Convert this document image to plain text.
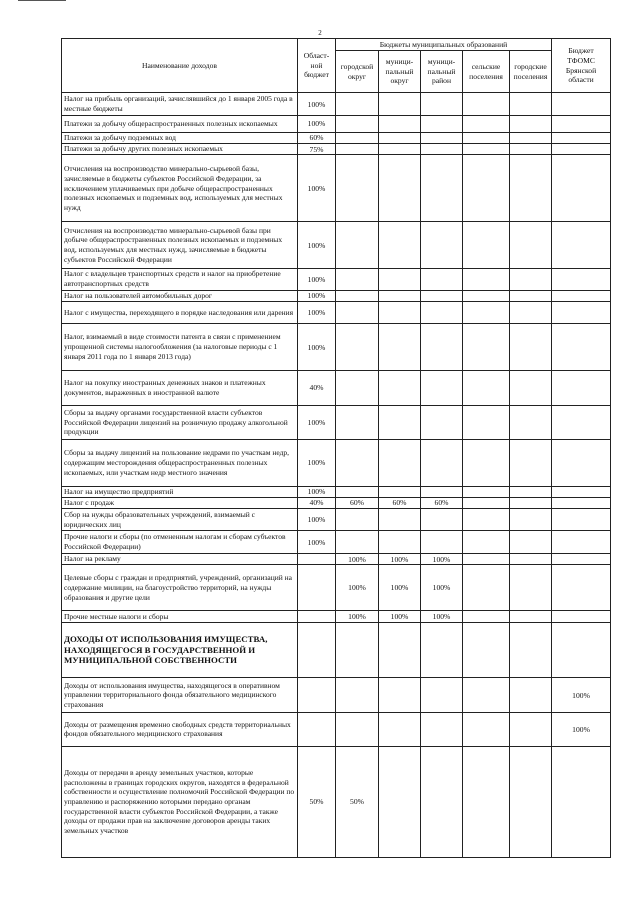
2
Наименование доходов	Област-ной бюджет	Бюджеты муниципальных образований					Бюджет ТФОМС Брянской области
		городской округ	муници-пальный округ	муници-пальный район	сельские поселения	городские поселения	
Налог на прибыль организаций, зачислявшийся до 1 января 2005 года в местные бюджеты	100%						
Платежи за добычу общераспространенных полезных ископаемых	100%						
Платежи за добычу подземных вод	60%						
Платежи за добычу других полезных ископаемых	75%						
Отчисления на воспроизводство минерально-сырьевой базы, зачисляемые в бюджеты субъектов Российской Федерации, за исключением уплачиваемых при добыче общераспространенных полезных ископаемых и подземных вод, используемых для местных нужд	100%						
Отчисления на воспроизводство минерально-сырьевой базы при добыче общераспространенных полезных ископаемых и подземных вод, используемых для местных нужд, зачисляемые в бюджеты субъектов Российской Федерации	100%						
Налог с владельцев транспортных средств и налог на приобретение автотранспортных средств	100%						
Налог на пользователей автомобильных дорог	100%						
Налог с имущества, переходящего в порядке наследования или дарения	100%						
Налог, взимаемый в виде стоимости патента в связи с применением упрощенной системы налогообложения (за налоговые периоды с 1 января 2011 года по 1 января 2013 года)	100%						
Налог на покупку иностранных денежных знаков и платежных документов, выраженных в иностранной валюте	40%						
Сборы за выдачу органами государственной власти субъектов Российской Федерации лицензий на розничную продажу алкогольной продукции	100%						
Сборы за выдачу лицензий на пользование недрами по участкам недр, содержащим месторождения общераспространенных полезных ископаемых, или участкам недр местного значения	100%						
Налог на имущество предприятий	100%						
Налог с продаж	40%	60%	60%	60%			
Сбор на нужды образовательных учреждений, взимаемый с юридических лиц	100%						
Прочие налоги и сборы (по отмененным налогам и сборам субъектов Российской Федерации)	100%						
Налог на рекламу		100%	100%	100%			
Целевые сборы с граждан и предприятий, учреждений, организаций на содержание милиции, на благоустройство территорий, на нужды образования и другие цели		100%	100%	100%			
Прочие местные налоги и сборы		100%	100%	100%			
ДОХОДЫ ОТ ИСПОЛЬЗОВАНИЯ ИМУЩЕСТВА, НАХОДЯЩЕГОСЯ В ГОСУДАРСТВЕННОЙ И МУНИЦИПАЛЬНОЙ СОБСТВЕННОСТИ							
Доходы от использования имущества, находящегося в оперативном управлении территориального фонда обязательного медицинского страхования							100%
Доходы от размещения временно свободных средств территориальных фондов обязательного медицинского страхования							100%
Доходы от передачи в аренду земельных участков, которые расположены в границах городских округов, находятся в федеральной собственности и осуществление полномочий Российской Федерации по управлению и распоряжению которыми передано органам государственной власти субъектов Российской Федерации, а также доходы от продажи прав на заключение договоров аренды таких земельных участков	50%	50%					
